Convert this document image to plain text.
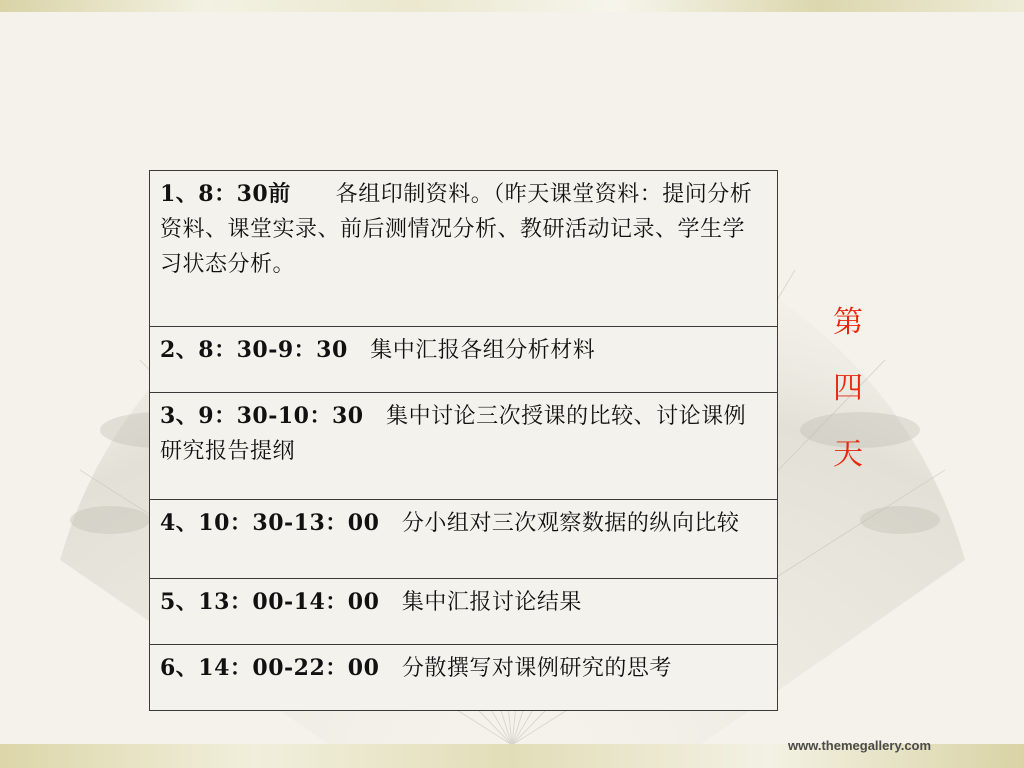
1、8：30前　　各组印制资料。（昨天课堂资料：提问分析资料、课堂实录、前后测情况分析、教研活动记录、学生学习状态分析。
2、8：30-9：30　集中汇报各组分析材料
3、9：30-10：30　集中讨论三次授课的比较、讨论课例研究报告提纲
4、10：30-13：00　分小组对三次观察数据的纵向比较
5、13：00-14：00　集中汇报讨论结果
6、14：00-22：00　分散撰写对课例研究的思考
第
四
天
www.themegallery.com
